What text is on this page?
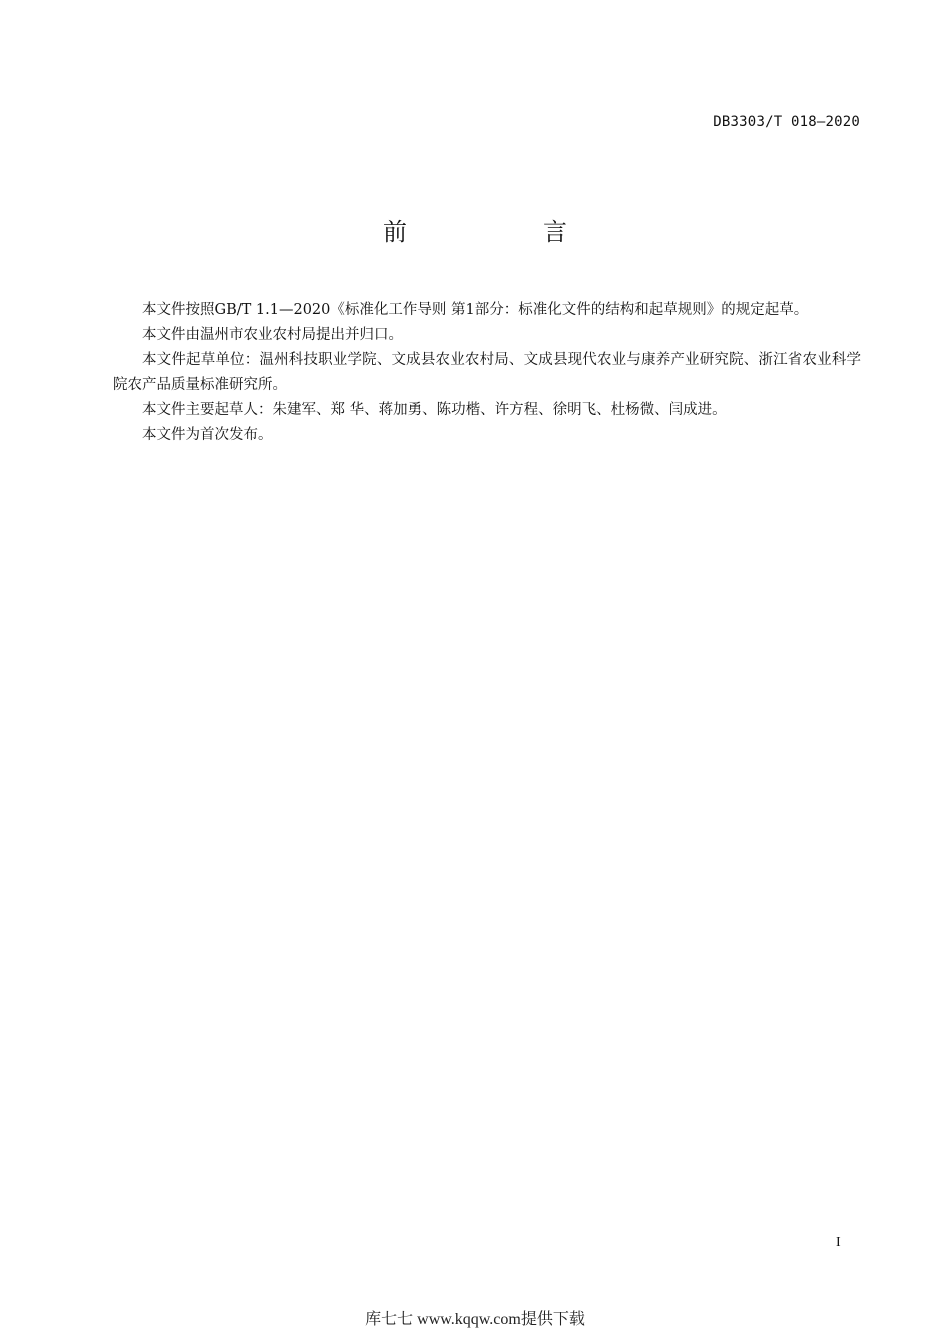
DB3303/T 018—2020
前　言

本文件按照GB/T 1.1—2020《标准化工作导则 第1部分：标准化文件的结构和起草规则》的规定起草。

本文件由温州市农业农村局提出并归口。

本文件起草单位：温州科技职业学院、文成县农业农村局、文成县现代农业与康养产业研究院、浙江省农业科学院农产品质量标准研究所。

本文件主要起草人：朱建军、郑 华、蒋加勇、陈功楷、许方程、徐明飞、杜杨微、闫成进。

本文件为首次发布。

I
库七七 www.kqqw.com提供下载
